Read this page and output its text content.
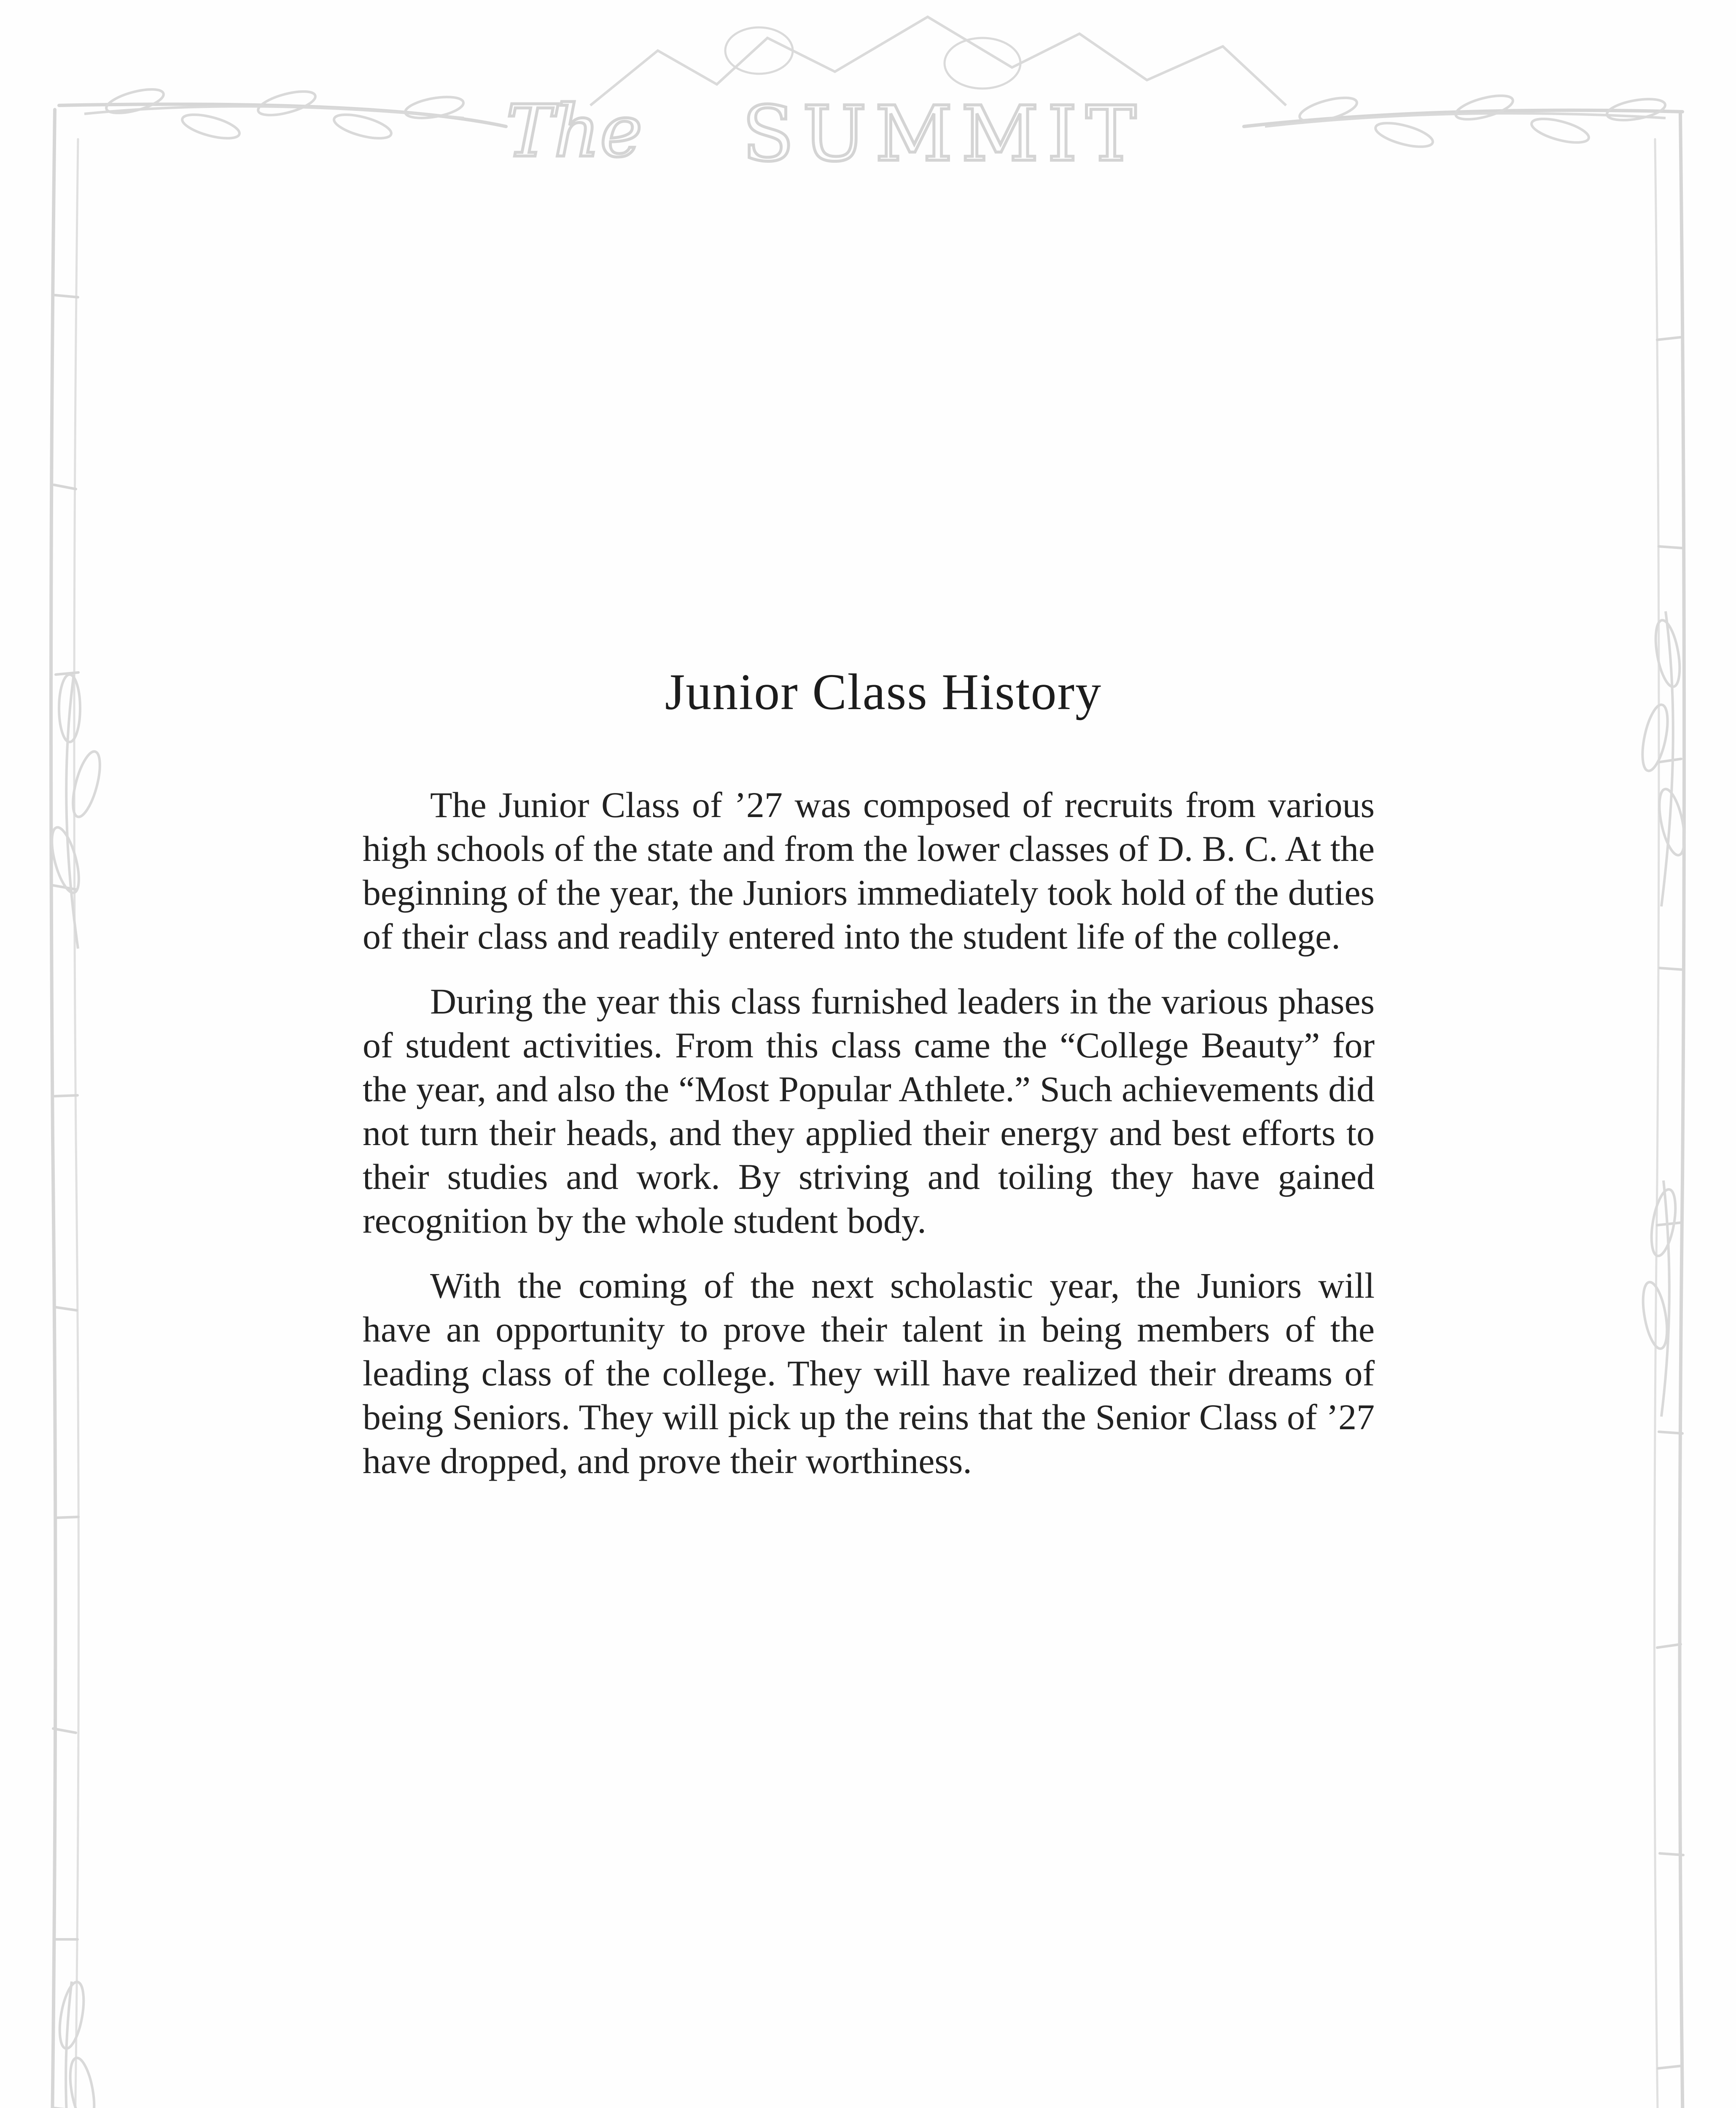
The SUMMIT
Junior Class History

The Junior Class of ’27 was composed of recruits from various high schools of the state and from the lower classes of D. B. C. At the beginning of the year, the Juniors immediately took hold of the duties of their class and readily entered into the student life of the college.

During the year this class furnished leaders in the various phases of student activities. From this class came the “College Beauty” for the year, and also the “Most Popular Athlete.” Such achievements did not turn their heads, and they applied their energy and best efforts to their studies and work. By striving and toiling they have gained recognition by the whole student body.

With the coming of the next scholastic year, the Juniors will have an opportunity to prove their talent in being members of the leading class of the college. They will have realized their dreams of being Seniors. They will pick up the reins that the Senior Class of ’27 have dropped, and prove their worthiness.
